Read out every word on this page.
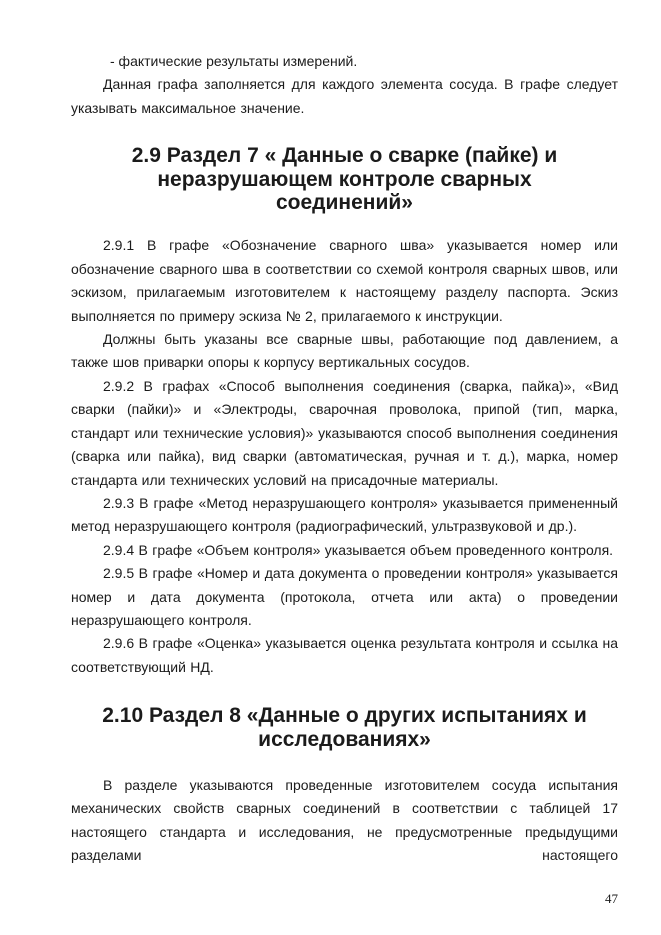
- фактические результаты измерений.

Данная графа заполняется для каждого элемента сосуда. В графе следует указывать максимальное значение.

2.9 Раздел 7 « Данные о сварке (пайке) и неразрушающем контроле сварных соединений»

2.9.1 В графе «Обозначение сварного шва» указывается номер или обозначение сварного шва в соответствии со схемой контроля сварных швов, или эскизом, прилагаемым изготовителем к настоящему разделу паспорта. Эскиз выполняется по примеру эскиза № 2, прилагаемого к инструкции.

Должны быть указаны все сварные швы, работающие под давлением, а также шов приварки опоры к корпусу вертикальных сосудов.

2.9.2 В графах «Способ выполнения соединения (сварка, пайка)», «Вид сварки (пайки)» и «Электроды, сварочная проволока, припой (тип, марка, стандарт или технические условия)» указываются способ выполнения соединения (сварка или пайка), вид сварки (автоматическая, ручная и т. д.), марка, номер стандарта или технических условий на присадочные материалы.

2.9.3 В графе «Метод неразрушающего контроля» указывается примененный метод неразрушающего контроля (радиографический, ультразвуковой и др.).

2.9.4 В графе «Объем контроля» указывается объем проведенного контроля.

2.9.5 В графе «Номер и дата документа о проведении контроля» указывается номер и дата документа (протокола, отчета или акта) о проведении неразрушающего контроля.

2.9.6 В графе «Оценка» указывается оценка результата контроля и ссылка на соответствующий НД.

2.10 Раздел 8 «Данные о других испытаниях и исследованиях»

В разделе указываются проведенные изготовителем сосуда испытания механических свойств сварных соединений в соответствии с таблицей 17 настоящего стандарта и исследования, не предусмотренные предыдущими разделами настоящего

47
